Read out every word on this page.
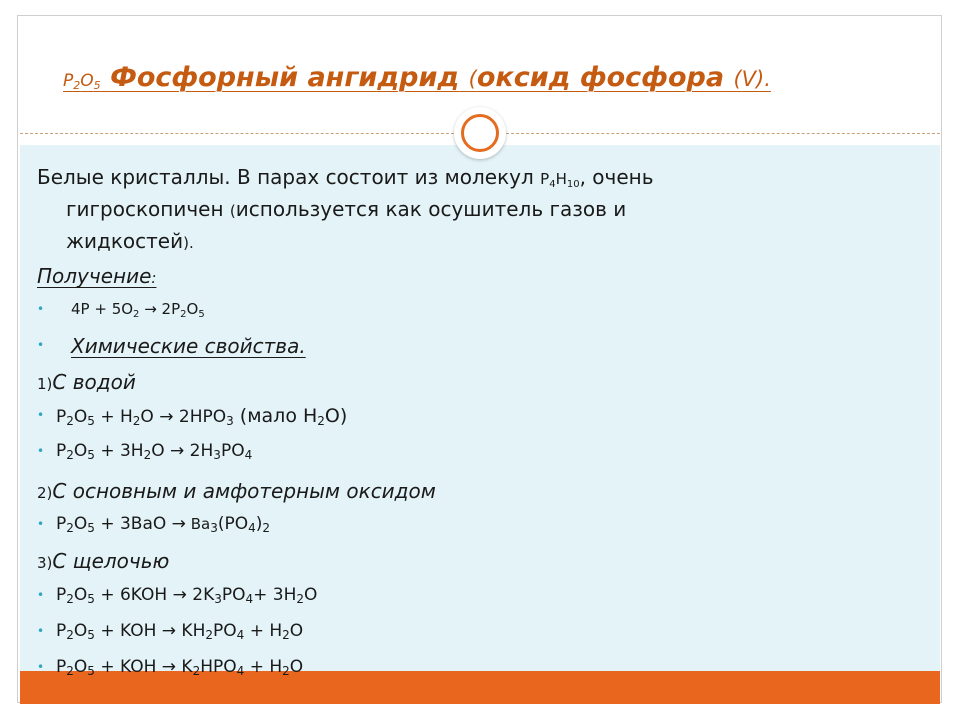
$P_2O_5$ Фосфорный ангидрид (оксид фосфора (V).
Белые кристаллы. В парах состоит из молекул P4H10, очень
гигроскопичен (используется как осушитель газов и
жидкостей).
Получение:
• $4P + 5O_2 \to 2P_2O_5$
• Химические свойства.
1)С водой
• P2O5 + H2O → 2HPO3 (мало H2O)
• P2O5 + 3H2O → 2H3PO4
2)С основным и амфотерным оксидом
• P2O5 + 3BaO → Ba3(PO4)2
3)С щелочью
• P2O5 + 6KOH → 2K3PO4+ 3H2O
• P2O5 + KOH → KH2PO4 + H2O
• P2O5 + KOH → K2HPO4 + H2O
